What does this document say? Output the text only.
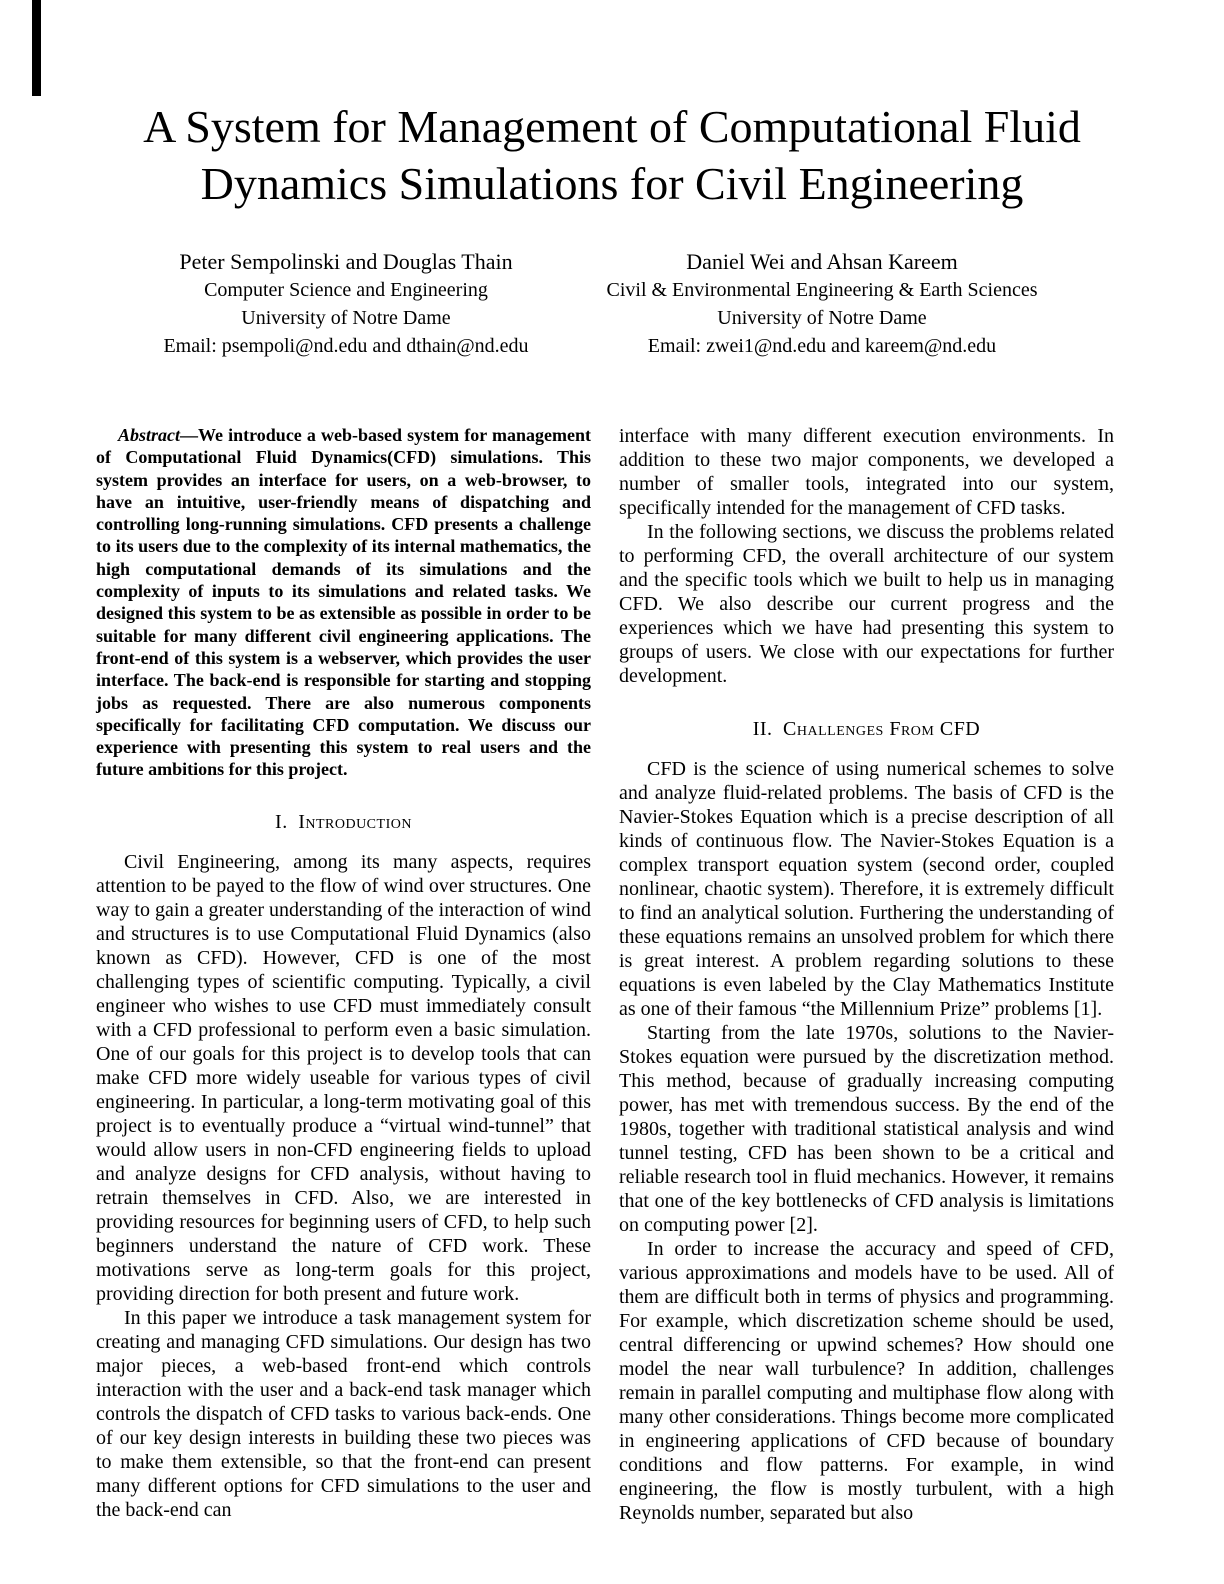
A System for Management of Computational Fluid Dynamics Simulations for Civil Engineering
Peter Sempolinski and Douglas Thain
Computer Science and Engineering
University of Notre Dame
Email: psempoli@nd.edu and dthain@nd.edu
Daniel Wei and Ahsan Kareem
Civil & Environmental Engineering & Earth Sciences
University of Notre Dame
Email: zwei1@nd.edu and kareem@nd.edu

Abstract—We introduce a web-based system for management of Computational Fluid Dynamics(CFD) simulations. This system provides an interface for users, on a web-browser, to have an intuitive, user-friendly means of dispatching and controlling long-running simulations. CFD presents a challenge to its users due to the complexity of its internal mathematics, the high computational demands of its simulations and the complexity of inputs to its simulations and related tasks. We designed this system to be as extensible as possible in order to be suitable for many different civil engineering applications. The front-end of this system is a webserver, which provides the user interface. The back-end is responsible for starting and stopping jobs as requested. There are also numerous components specifically for facilitating CFD computation. We discuss our experience with presenting this system to real users and the future ambitions for this project.

I. Introduction

Civil Engineering, among its many aspects, requires attention to be payed to the flow of wind over structures. One way to gain a greater understanding of the interaction of wind and structures is to use Computational Fluid Dynamics (also known as CFD). However, CFD is one of the most challenging types of scientific computing. Typically, a civil engineer who wishes to use CFD must immediately consult with a CFD professional to perform even a basic simulation. One of our goals for this project is to develop tools that can make CFD more widely useable for various types of civil engineering. In particular, a long-term motivating goal of this project is to eventually produce a “virtual wind-tunnel” that would allow users in non-CFD engineering fields to upload and analyze designs for CFD analysis, without having to retrain themselves in CFD. Also, we are interested in providing resources for beginning users of CFD, to help such beginners understand the nature of CFD work. These motivations serve as long-term goals for this project, providing direction for both present and future work.

In this paper we introduce a task management system for creating and managing CFD simulations. Our design has two major pieces, a web-based front-end which controls interaction with the user and a back-end task manager which controls the dispatch of CFD tasks to various back-ends. One of our key design interests in building these two pieces was to make them extensible, so that the front-end can present many different options for CFD simulations to the user and the back-end can

interface with many different execution environments. In addition to these two major components, we developed a number of smaller tools, integrated into our system, specifically intended for the management of CFD tasks.

In the following sections, we discuss the problems related to performing CFD, the overall architecture of our system and the specific tools which we built to help us in managing CFD. We also describe our current progress and the experiences which we have had presenting this system to groups of users. We close with our expectations for further development.

II. Challenges From CFD

CFD is the science of using numerical schemes to solve and analyze fluid-related problems. The basis of CFD is the Navier-Stokes Equation which is a precise description of all kinds of continuous flow. The Navier-Stokes Equation is a complex transport equation system (second order, coupled nonlinear, chaotic system). Therefore, it is extremely difficult to find an analytical solution. Furthering the understanding of these equations remains an unsolved problem for which there is great interest. A problem regarding solutions to these equations is even labeled by the Clay Mathematics Institute as one of their famous “the Millennium Prize” problems [1].

Starting from the late 1970s, solutions to the Navier-Stokes equation were pursued by the discretization method. This method, because of gradually increasing computing power, has met with tremendous success. By the end of the 1980s, together with traditional statistical analysis and wind tunnel testing, CFD has been shown to be a critical and reliable research tool in fluid mechanics. However, it remains that one of the key bottlenecks of CFD analysis is limitations on computing power [2].

In order to increase the accuracy and speed of CFD, various approximations and models have to be used. All of them are difficult both in terms of physics and programming. For example, which discretization scheme should be used, central differencing or upwind schemes? How should one model the near wall turbulence? In addition, challenges remain in parallel computing and multiphase flow along with many other considerations. Things become more complicated in engineering applications of CFD because of boundary conditions and flow patterns. For example, in wind engineering, the flow is mostly turbulent, with a high Reynolds number, separated but also
